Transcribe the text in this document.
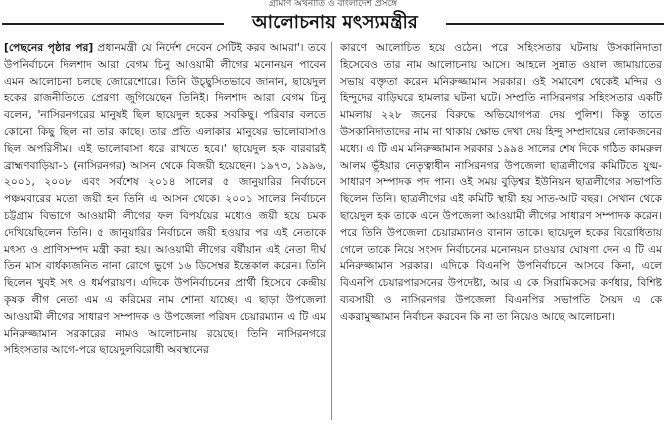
গ্রামীণ অর্থনীতি ও বাংলাদেশ প্রসঙ্গে
আলোচনায় মৎস্যমন্ত্রীর

[পেছনের পৃষ্ঠার পর] প্রধানমন্ত্রী যে নির্দেশ দেবেন সেটিই করব আমরা'। তবে উপনির্বাচনে দিলশাদ আরা বেগম চিনু আওয়ামী লীগের মনোনয়ন পাবেন এমন আলোচনা চলছে জোরেশোরে। তিনি উচ্ছ্বসিতভাবে জানান, ছায়েদুল হকের রাজনীতিতে প্রেরণা জুগিয়েছেন তিনিই। দিলশাদ আরা বেগম চিনু বলেন, 'নাসিরনগরের মানুষই ছিল ছায়েদুল হকের সবকিছু। পরিবার বলতে কোনো কিছু ছিল না তার কাছে। তার প্রতি এলাকার মানুষের ভালোবাসাও ছিল অপরিসীম। এই ভালোবাসা ধরে রাখতে হবে।' ছায়েদুল হক বারবারই ব্রাহ্মণবাড়িয়া-১ (নাসিরনগর) আসন থেকে বিজয়ী হয়েছেন। ১৯৭৩, ১৯৯৬, ২০০১, ২০০৮ এবং সর্বশেষ ২০১৪ সালের ৫ জানুয়ারির নির্বাচনে পঞ্চমবারের মতো জয়ী হন তিনি এ আসন থেকে। ২০০১ সালের নির্বাচনে চট্টগ্রাম বিভাগে আওয়ামী লীগের ফল বিপর্যয়ের মধ্যেও জয়ী হয়ে চমক দেখিয়েছিলেন তিনি। ৫ জানুয়ারির নির্বাচনে জয়ী হওয়ার পর এই নেতাকে মৎস্য ও প্রাণিসম্পদ মন্ত্রী করা হয়। আওয়ামী লীগের বর্ষীয়ান এই নেতা দীর্ঘ তিন মাস বার্ধক্যজনিত নানা রোগে ভুগে ১৬ ডিসেম্বর ইন্তেকাল করেন। তিনি ছিলেন খুবই সৎ ও ধর্মপরায়ণ। এদিকে উপনির্বাচনের প্রার্থী হিসেবে কেন্দ্রীয় কৃষক লীগ নেতা এম এ করিমের নাম শোনা যাচ্ছে। এ ছাড়া উপজেলা আওয়ামী লীগের সাধারণ সম্পাদক ও উপজেলা পরিষদ চেয়ারম্যান এ টি এম মনিরুজ্জামান সরকারের নামও আলোচনায় রয়েছে। তিনি নাসিরনগরে সহিংসতার আগে-পরে ছায়েদুলবিরোধী অবস্থানের

কারণে আলোচিত হয়ে ওঠেন। পরে সহিংসতার ঘটনায় উসকানিদাতা হিসেবেও তার নাম আলোচনায় আসে। আহলে সুন্নাত ওয়াল জামায়াতের সভায় বক্তৃতা করেন মনিরুজ্জামান সরকার। ওই সমাবেশ থেকেই মন্দির ও হিন্দুদের বাড়িঘরে হামলার ঘটনা ঘটে। সম্প্রতি নাসিরনগর সহিংসতার একটি মামলায় ২২৮ জনের বিরুদ্ধে অভিযোগপত্র দেয় পুলিশ। কিন্তু তাতে উসকানিদাতাদের নাম না থাকায় ক্ষোভ দেখা দেয় হিন্দু সম্প্রদায়ের লোকজনের মধ্যে। এ টি এম মনিরুজ্জামান সরকার ১৯৯৪ সালের শেষ দিকে গঠিত কামরুল আলম ভূঁইয়ার নেতৃত্বাধীন নাসিরনগর উপজেলা ছাত্রলীগের কমিটিতে যুগ্ম-সাধারণ সম্পাদক পদ পান। ওই সময় বুড়িশ্বর ইউনিয়ন ছাত্রলীগের সভাপতি ছিলেন তিনি। ছাত্রলীগের এই কমিটি স্থায়ী হয় সাত-আট বছর। সেখান থেকে ছায়েদুল হক তাকে এনে উপজেলা আওয়ামী লীগের সাধারণ সম্পাদক করেন। পরে তিনি উপজেলা চেয়ারম্যানও বানান তাকে। ছায়েদুল হকের বিরোধিতায় গেলে তাকে নিয়ে সংসদ নির্বাচনের মনোনয়ন চাওয়ার ঘোষণা দেন এ টি এম মনিরুজ্জামান সরকার। এদিকে বিএনপি উপনির্বাচনে আসবে কিনা, এলে বিএনপি চেয়ারপারসনের উপদেষ্টা, আর এ কে সিরামিকসের কর্ণধার, বিশিষ্ট ব্যবসায়ী ও নাসিরনগর উপজেলা বিএনপির সভাপতি সৈয়দ এ কে একরামুজ্জামান নির্বাচন করবেন কি না তা নিয়েও আছে আলোচনা।
